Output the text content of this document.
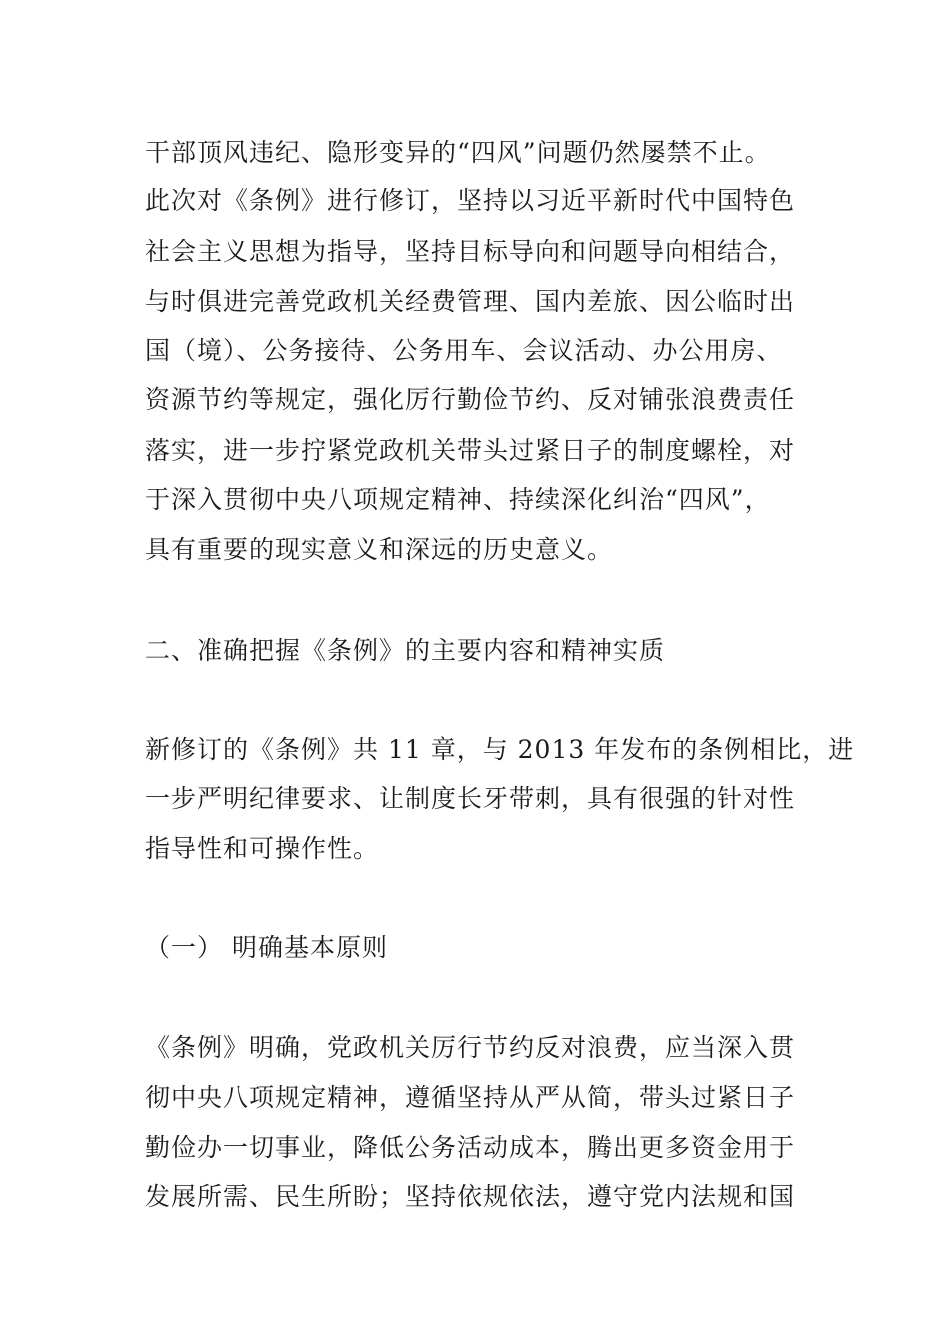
干部顶风违纪、隐形变异的“四风”问题仍然屡禁不止。
此次对《条例》进行修订，坚持以习近平新时代中国特色
社会主义思想为指导，坚持目标导向和问题导向相结合，
与时俱进完善党政机关经费管理、国内差旅、因公临时出
国（境）、公务接待、公务用车、会议活动、办公用房、
资源节约等规定，强化厉行勤俭节约、反对铺张浪费责任
落实，进一步拧紧党政机关带头过紧日子的制度螺栓，对
于深入贯彻中央八项规定精神、持续深化纠治“四风”，
具有重要的现实意义和深远的历史意义。
二、准确把握《条例》的主要内容和精神实质
新修订的《条例》共 11 章，与 2013 年发布的条例相比，进
一步严明纪律要求、让制度长牙带刺，具有很强的针对性
指导性和可操作性。
（一） 明确基本原则
《条例》明确，党政机关厉行节约反对浪费，应当深入贯
彻中央八项规定精神，遵循坚持从严从简，带头过紧日子
勤俭办一切事业，降低公务活动成本，腾出更多资金用于
发展所需、民生所盼；坚持依规依法，遵守党内法规和国
